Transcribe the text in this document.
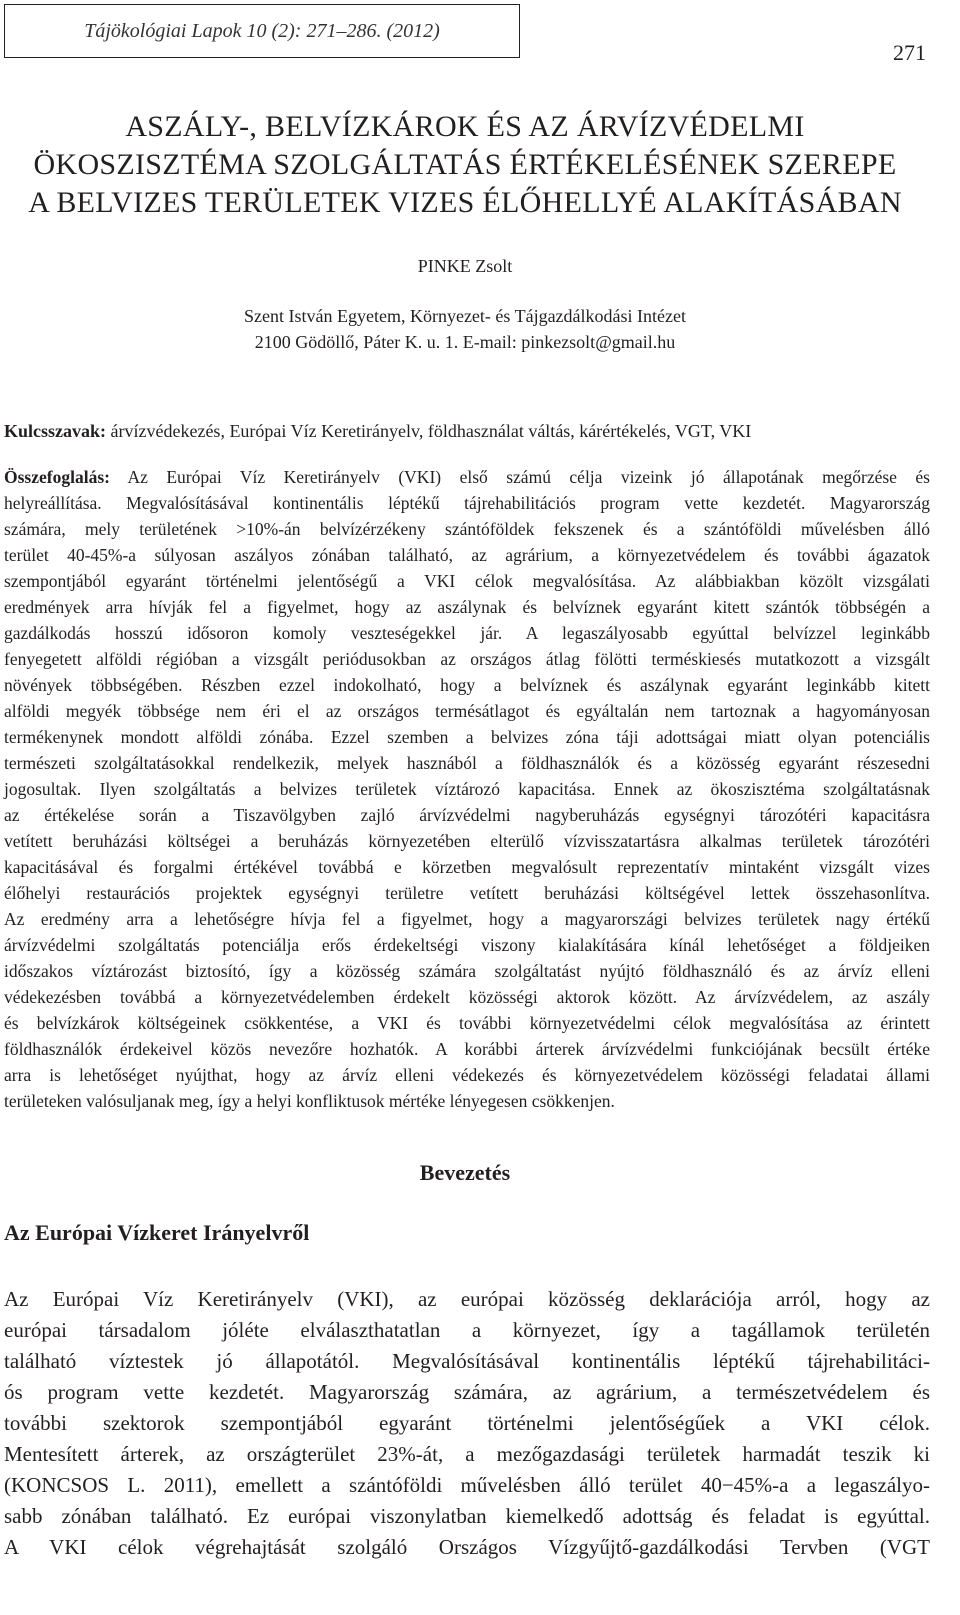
Tájökológiai Lapok 10 (2): 271–286. (2012)
271
ASZÁLY-, BELVÍZKÁROK ÉS AZ ÁRVÍZVÉDELMI
ÖKOSZISZTÉMA SZOLGÁLTATÁS ÉRTÉKELÉSÉNEK SZEREPE
A BELVIZES TERÜLETEK VIZES ÉLŐHELLYÉ ALAKÍTÁSÁBAN
PINKE Zsolt
Szent István Egyetem, Környezet- és Tájgazdálkodási Intézet
2100 Gödöllő, Páter K. u. 1. E-mail: pinkezsolt@gmail.hu
Kulcsszavak: árvízvédekezés, Európai Víz Keretirányelv, földhasználat váltás, kárértékelés, VGT, VKI
Összefoglalás: Az Európai Víz Keretirányelv (VKI) első számú célja vizeink jó állapotának megőrzése és
helyreállítása. Megvalósításával kontinentális léptékű tájrehabilitációs program vette kezdetét. Magyarország
számára, mely területének >10%-án belvízérzékeny szántóföldek fekszenek és a szántóföldi művelésben álló
terület 40-45%-a súlyosan aszályos zónában található, az agrárium, a környezetvédelem és további ágazatok
szempontjából egyaránt történelmi jelentőségű a VKI célok megvalósítása. Az alábbiakban közölt vizsgálati
eredmények arra hívják fel a figyelmet, hogy az aszálynak és belvíznek egyaránt kitett szántók többségén a
gazdálkodás hosszú idősoron komoly veszteségekkel jár. A legaszályosabb egyúttal belvízzel leginkább
fenyegetett alföldi régióban a vizsgált periódusokban az országos átlag fölötti terméskiesés mutatkozott a vizsgált
növények többségében. Részben ezzel indokolható, hogy a belvíznek és aszálynak egyaránt leginkább kitett
alföldi megyék többsége nem éri el az országos termésátlagot és egyáltalán nem tartoznak a hagyományosan
termékenynek mondott alföldi zónába. Ezzel szemben a belvizes zóna táji adottságai miatt olyan potenciális
természeti szolgáltatásokkal rendelkezik, melyek hasznából a földhasználók és a közösség egyaránt részesedni
jogosultak. Ilyen szolgáltatás a belvizes területek víztározó kapacitása. Ennek az ökoszisztéma szolgáltatásnak
az értékelése során a Tiszavölgyben zajló árvízvédelmi nagyberuházás egységnyi tározótéri kapacitásra
vetített beruházási költségei a beruházás környezetében elterülő vízvisszatartásra alkalmas területek tározótéri
kapacitásával és forgalmi értékével továbbá e körzetben megvalósult reprezentatív mintaként vizsgált vizes
élőhelyi restaurációs projektek egységnyi területre vetített beruházási költségével lettek összehasonlítva.
Az eredmény arra a lehetőségre hívja fel a figyelmet, hogy a magyarországi belvizes területek nagy értékű
árvízvédelmi szolgáltatás potenciálja erős érdekeltségi viszony kialakítására kínál lehetőséget a földjeiken
időszakos víztározást biztosító, így a közösség számára szolgáltatást nyújtó földhasználó és az árvíz elleni
védekezésben továbbá a környezetvédelemben érdekelt közösségi aktorok között. Az árvízvédelem, az aszály
és belvízkárok költségeinek csökkentése, a VKI és további környezetvédelmi célok megvalósítása az érintett
földhasználók érdekeivel közös nevezőre hozhatók. A korábbi árterek árvízvédelmi funkciójának becsült értéke
arra is lehetőséget nyújthat, hogy az árvíz elleni védekezés és környezetvédelem közösségi feladatai állami
területeken valósuljanak meg, így a helyi konfliktusok mértéke lényegesen csökkenjen.
Bevezetés
Az Európai Vízkeret Irányelvről
Az Európai Víz Keretirányelv (VKI), az európai közösség deklarációja arról, hogy az
európai társadalom jóléte elválaszthatatlan a környezet, így a tagállamok területén
található víztestek jó állapotától. Megvalósításával kontinentális léptékű tájrehabilitáci-
ós program vette kezdetét. Magyarország számára, az agrárium, a természetvédelem és
további szektorok szempontjából egyaránt történelmi jelentőségűek a VKI célok.
Mentesített árterek, az országterület 23%-át, a mezőgazdasági területek harmadát teszik ki
(KONCSOS L. 2011), emellett a szántóföldi művelésben álló terület 40−45%-a a legaszályo-
sabb zónában található. Ez európai viszonylatban kiemelkedő adottság és feladat is egyúttal.
A VKI célok végrehajtását szolgáló Országos Vízgyűjtő-gazdálkodási Tervben (VGT
